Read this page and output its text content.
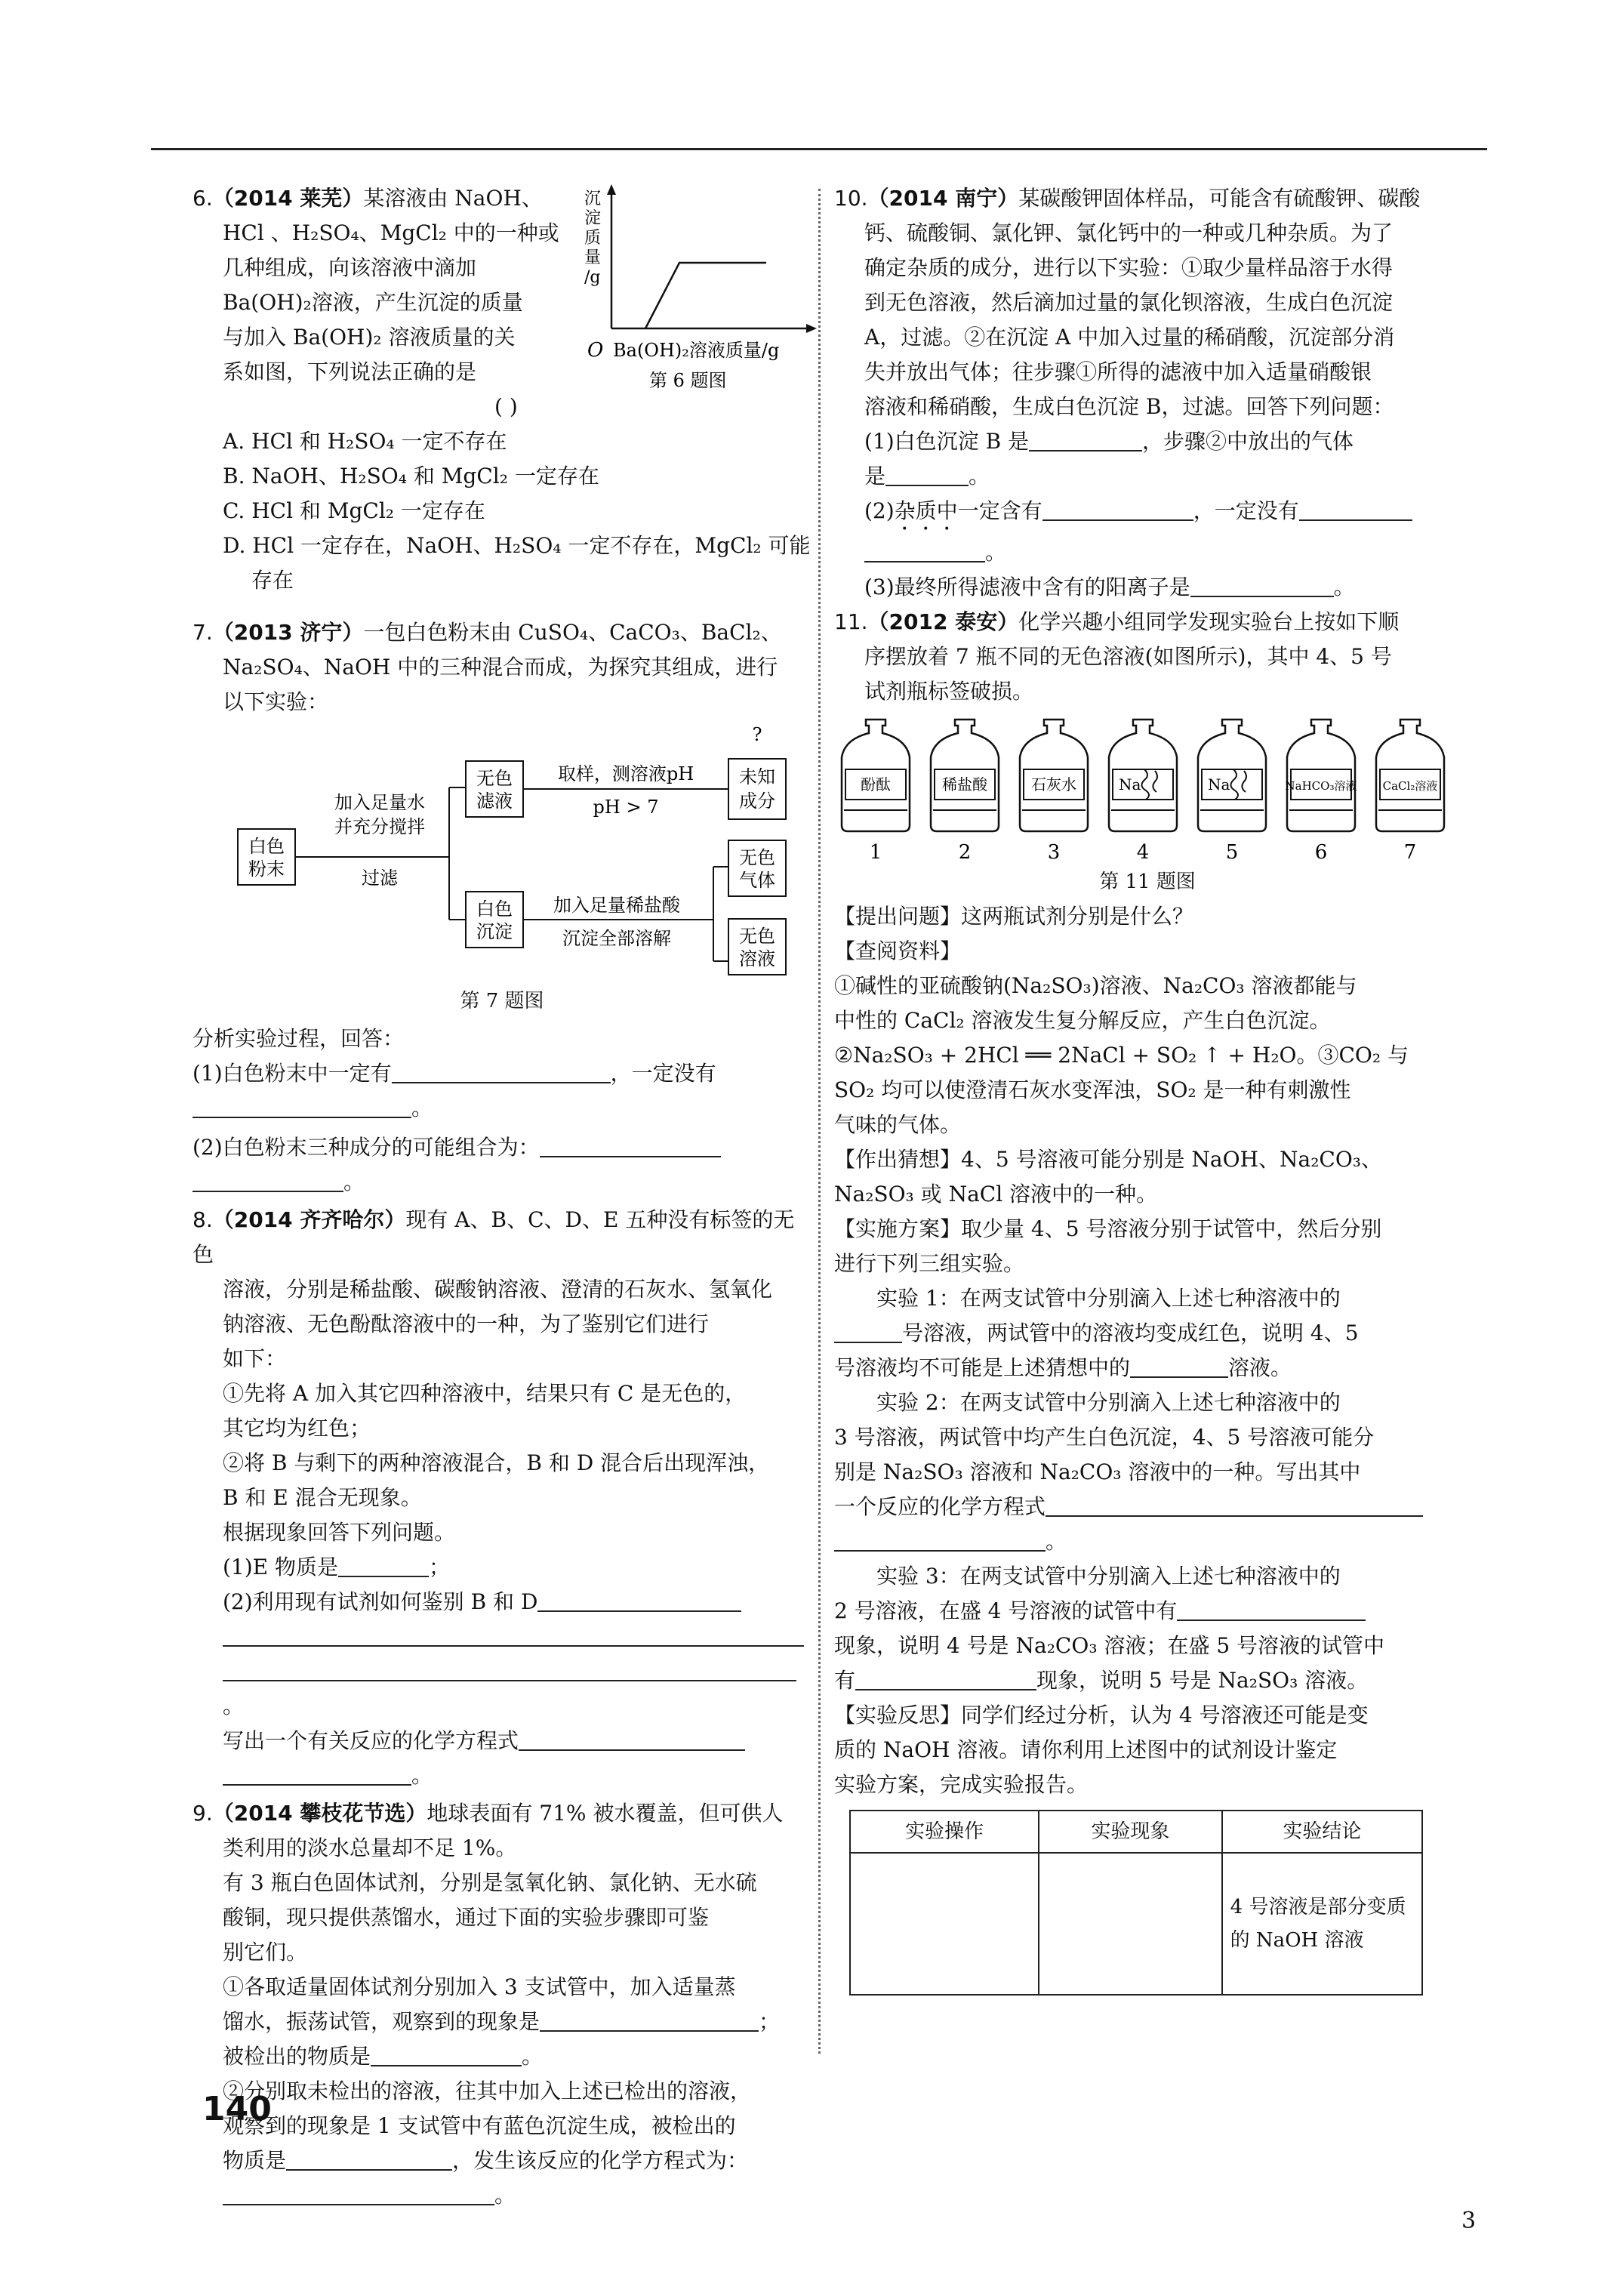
6.（2014 莱芜）某溶液由 NaOH、
HCl 、H₂SO₄、MgCl₂ 中的一种或
几种组成，向该溶液中滴加
Ba(OH)₂溶液，产生沉淀的质量
与加入 Ba(OH)₂ 溶液质量的关
系如图，下列说法正确的是
( )
沉淀质量/g
O Ba(OH)₂溶液质量/g
第 6 题图
A. HCl 和 H₂SO₄ 一定不存在
B. NaOH、H₂SO₄ 和 MgCl₂ 一定存在
C. HCl 和 MgCl₂ 一定存在
D. HCl 一定存在，NaOH、H₂SO₄ 一定不存在，MgCl₂ 可能
存在
7.（2013 济宁）一包白色粉末由 CuSO₄、CaCO₃、BaCl₂、
Na₂SO₄、NaOH 中的三种混合而成，为探究其组成，进行
以下实验：
白色
粉末
加入足量水
并充分搅拌
过滤
无色
滤液
取样，测溶液pH
pH > 7
?
未知
成分
白色
沉淀
加入足量稀盐酸
沉淀全部溶解
无色
气体
无色
溶液
第 7 题图
分析实验过程，回答：
(1)白色粉末中一定有	，一定没有
。
(2)白色粉末三种成分的可能组合为：
。
8.（2014 齐齐哈尔）现有 A、B、C、D、E 五种没有标签的无色
溶液，分别是稀盐酸、碳酸钠溶液、澄清的石灰水、氢氧化
钠溶液、无色酚酞溶液中的一种，为了鉴别它们进行
如下：
①先将 A 加入其它四种溶液中，结果只有 C 是无色的，
其它均为红色；
②将 B 与剩下的两种溶液混合，B 和 D 混合后出现浑浊，
B 和 E 混合无现象。
根据现象回答下列问题。
(1)E 物质是	；
(2)利用现有试剂如何鉴别 B 和 D
。
写出一个有关反应的化学方程式
。
9.（2014 攀枝花节选）地球表面有 71% 被水覆盖，但可供人
类利用的淡水总量却不足 1%。
有 3 瓶白色固体试剂，分别是氢氧化钠、氯化钠、无水硫
酸铜，现只提供蒸馏水，通过下面的实验步骤即可鉴
别它们。
①各取适量固体试剂分别加入 3 支试管中，加入适量蒸
馏水，振荡试管，观察到的现象是	；
被检出的物质是	。
②分别取未检出的溶液，往其中加入上述已检出的溶液，
观察到的现象是 1 支试管中有蓝色沉淀生成，被检出的
物质是	，发生该反应的化学方程式为：
。
10.（2014 南宁）某碳酸钾固体样品，可能含有硫酸钾、碳酸
钙、硫酸铜、氯化钾、氯化钙中的一种或几种杂质。为了
确定杂质的成分，进行以下实验：①取少量样品溶于水得
到无色溶液，然后滴加过量的氯化钡溶液，生成白色沉淀
A，过滤。②在沉淀 A 中加入过量的稀硝酸，沉淀部分消
失并放出气体；往步骤①所得的滤液中加入适量硝酸银
溶液和稀硝酸，生成白色沉淀 B，过滤。回答下列问题：
(1)白色沉淀 B 是	，步骤②中放出的气体
是	。
(2)杂质中一定含有	，一定没有
。
(3)最终所得滤液中含有的阳离子是	。
11.（2012 泰安）化学兴趣小组同学发现实验台上按如下顺
序摆放着 7 瓶不同的无色溶液(如图所示)，其中 4、5 号
试剂瓶标签破损。
酚酞
1
稀盐酸
2
石灰水
3
Na
4
Na
5
NaHCO₃溶液
6
CaCl₂溶液
7
第 11 题图
【提出问题】这两瓶试剂分别是什么？
【查阅资料】
①碱性的亚硫酸钠(Na₂SO₃)溶液、Na₂CO₃ 溶液都能与
中性的 CaCl₂ 溶液发生复分解反应，产生白色沉淀。
②Na₂SO₃ + 2HCl ══ 2NaCl + SO₂ ↑ + H₂O。③CO₂ 与
SO₂ 均可以使澄清石灰水变浑浊，SO₂ 是一种有刺激性
气味的气体。
【作出猜想】4、5 号溶液可能分别是 NaOH、Na₂CO₃、
Na₂SO₃ 或 NaCl 溶液中的一种。
【实施方案】取少量 4、5 号溶液分别于试管中，然后分别
进行下列三组实验。
实验 1：在两支试管中分别滴入上述七种溶液中的
号溶液，两试管中的溶液均变成红色，说明 4、5
号溶液均不可能是上述猜想中的	溶液。
实验 2：在两支试管中分别滴入上述七种溶液中的
3 号溶液，两试管中均产生白色沉淀，4、5 号溶液可能分
别是 Na₂SO₃ 溶液和 Na₂CO₃ 溶液中的一种。写出其中
一个反应的化学方程式
。
实验 3：在两支试管中分别滴入上述七种溶液中的
2 号溶液，在盛 4 号溶液的试管中有
现象，说明 4 号是 Na₂CO₃ 溶液；在盛 5 号溶液的试管中
有	现象，说明 5 号是 Na₂SO₃ 溶液。
【实验反思】同学们经过分析，认为 4 号溶液还可能是变
质的 NaOH 溶液。请你利用上述图中的试剂设计鉴定
实验方案，完成实验报告。
实验操作	实验现象	实验结论
		4 号溶液是部分变质的 NaOH 溶液
140
3
